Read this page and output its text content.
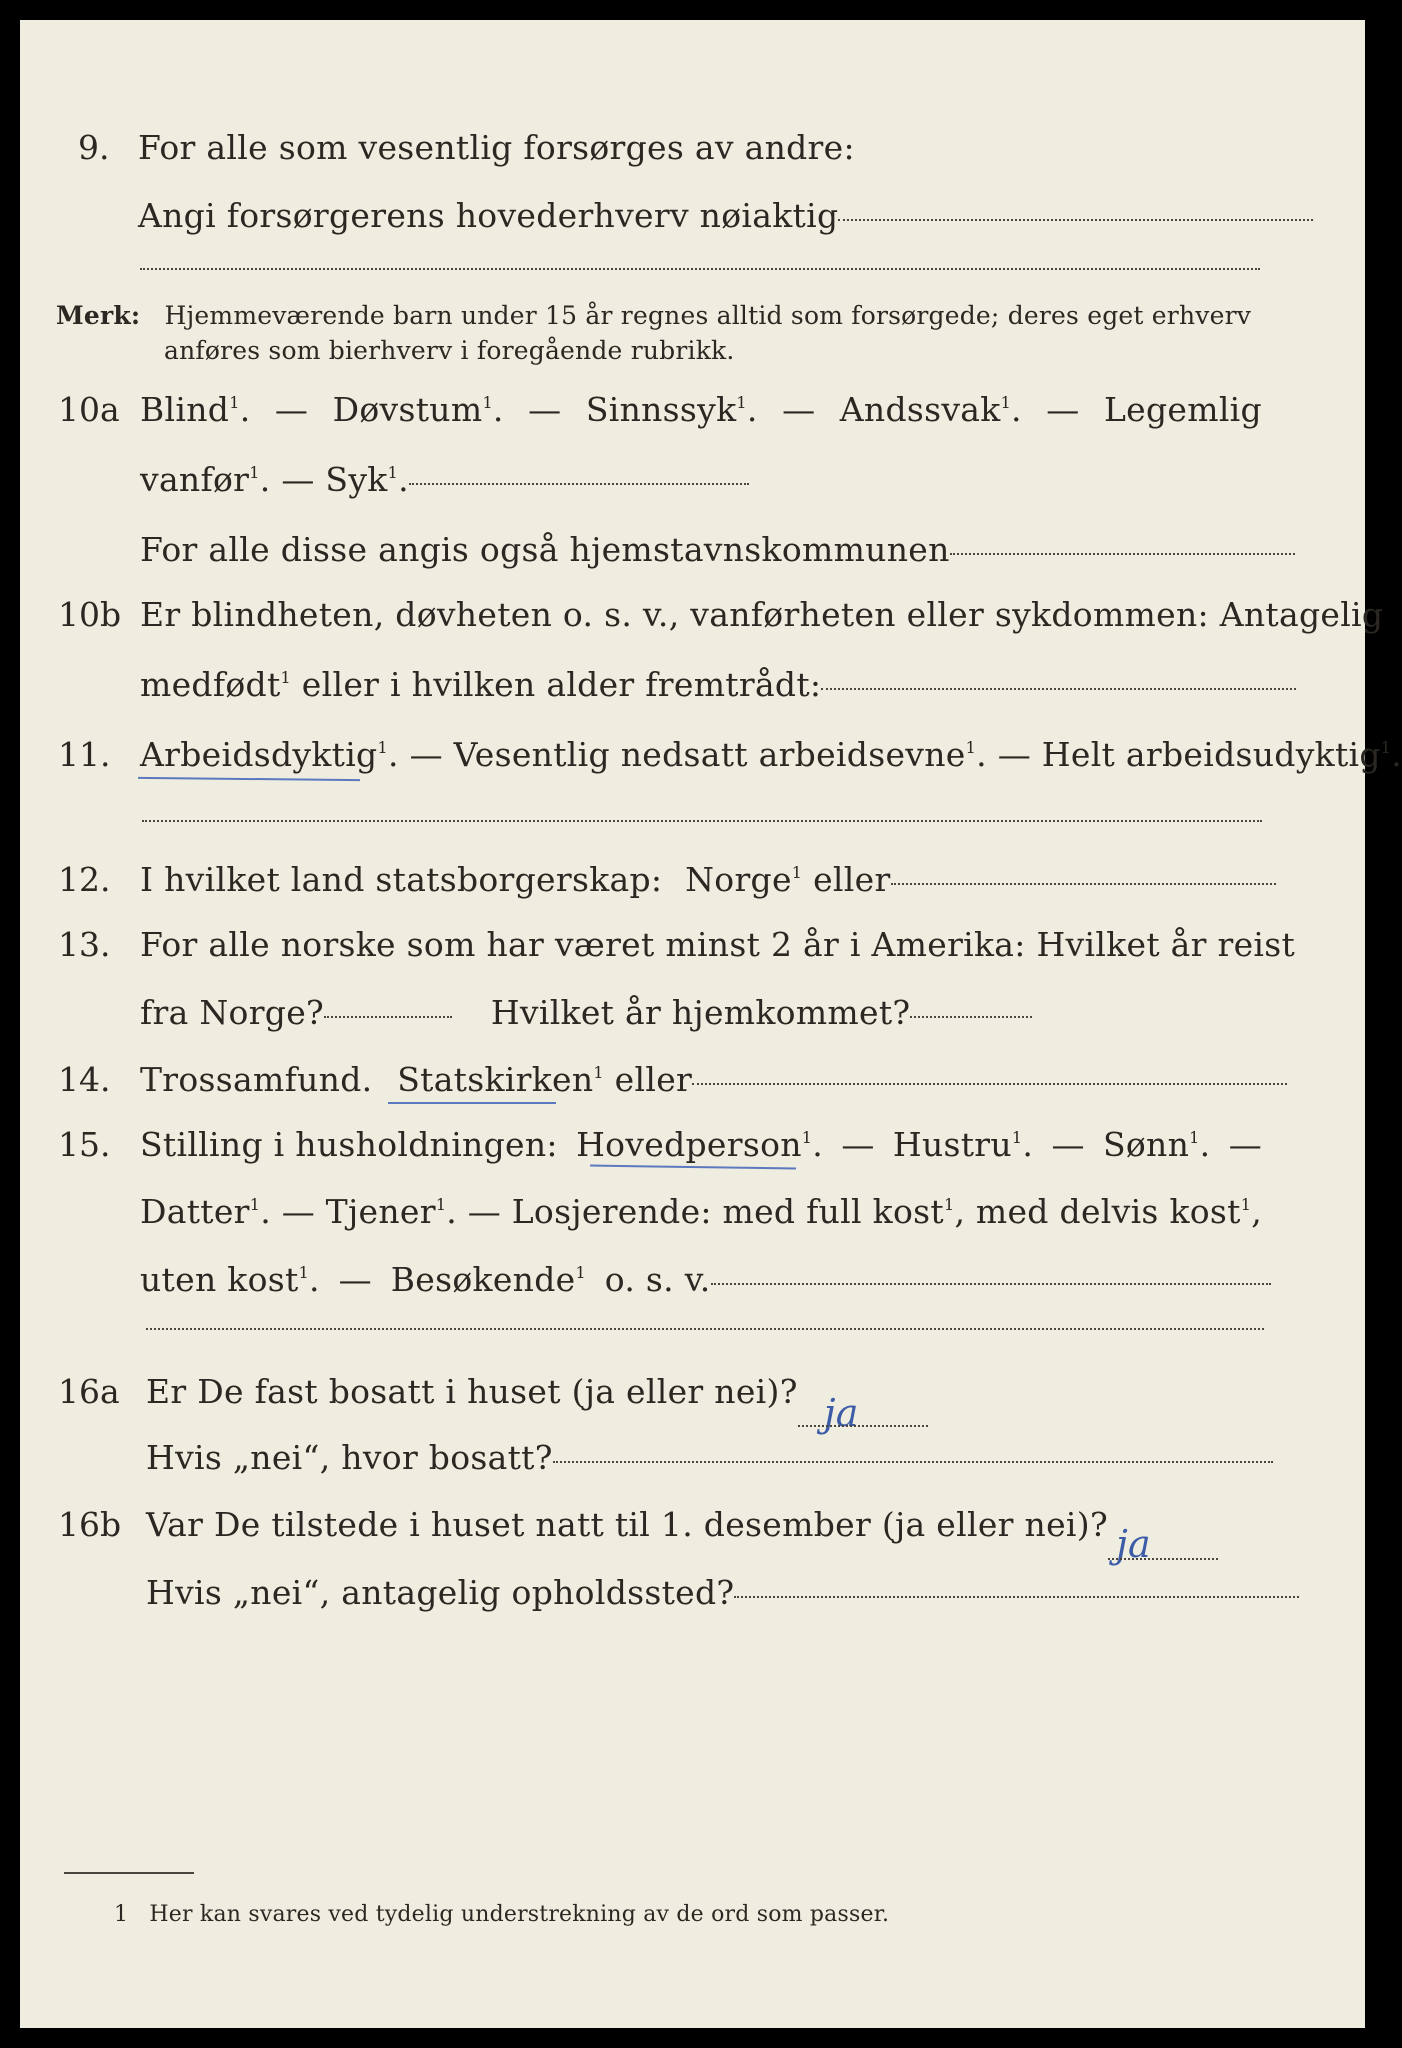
9. For alle som vesentlig forsørges av andre:
Angi forsørgerens hovederhverv nøiaktig
Merk: Hjemmeværende barn under 15 år regnes alltid som forsørgede; deres eget erhverv
anføres som bierhverv i foregående rubrikk.
10a Blind$^1$. — Døvstum$^1$. — Sinnssyk$^1$. — Andssvak$^1$. — Legemlig
vanfør$^1$. — Syk$^1$.
For alle disse angis også hjemstavnskommunen
10b Er blindheten, døvheten o. s. v., vanførheten eller sykdommen: Antagelig
medfødt$^1$ eller i hvilken alder fremtrådt:
11. Arbeidsdyktig$^1$. — Vesentlig nedsatt arbeidsevne$^1$. — Helt arbeidsudyktig$^1$.
12. I hvilket land statsborgerskap: Norge$^1$ eller
13. For alle norske som har været minst 2 år i Amerika: Hvilket år reist
fra Norge?	Hvilket år hjemkommet?
14. Trossamfund. Statskirken$^1$ eller
15. Stilling i husholdningen: Hovedperson$^1$. — Hustru$^1$. — Sønn$^1$. —
Datter$^1$. — Tjener$^1$. — Losjerende: med full kost$^1$, med delvis kost$^1$,
uten kost$^1$. — Besøkende$^1$ o. s. v.
16a Er De fast bosatt i huset (ja eller nei)? ja
Hvis „nei“, hvor bosatt?
16b Var De tilstede i huset natt til 1. desember (ja eller nei)? ja
Hvis „nei“, antagelig opholdssted?
1 Her kan svares ved tydelig understrekning av de ord som passer.
